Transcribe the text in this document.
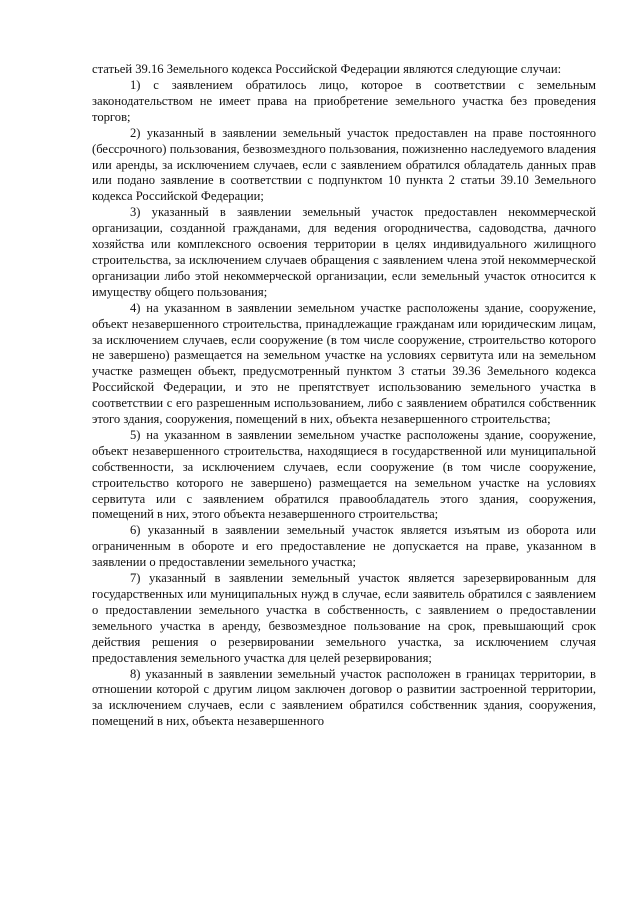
статьей 39.16 Земельного кодекса Российской Федерации являются следующие случаи:

1) с заявлением обратилось лицо, которое в соответствии с земельным законодательством не имеет права на приобретение земельного участка без проведения торгов;

2) указанный в заявлении земельный участок предоставлен на праве постоянного (бессрочного) пользования, безвозмездного пользования, пожизненно наследуемого владения или аренды, за исключением случаев, если с заявлением обратился обладатель данных прав или подано заявление в соответствии с подпунктом 10 пункта 2 статьи 39.10 Земельного кодекса Российской Федерации;

3) указанный в заявлении земельный участок предоставлен некоммерческой организации, созданной гражданами, для ведения огородничества, садоводства, дачного хозяйства или комплексного освоения территории в целях индивидуального жилищного строительства, за исключением случаев обращения с заявлением члена этой некоммерческой организации либо этой некоммерческой организации, если земельный участок относится к имуществу общего пользования;

4) на указанном в заявлении земельном участке расположены здание, сооружение, объект незавершенного строительства, принадлежащие гражданам или юридическим лицам, за исключением случаев, если сооружение (в том числе сооружение, строительство которого не завершено) размещается на земельном участке на условиях сервитута или на земельном участке размещен объект, предусмотренный пунктом 3 статьи 39.36 Земельного кодекса Российской Федерации, и это не препятствует использованию земельного участка в соответствии с его разрешенным использованием, либо с заявлением обратился собственник этого здания, сооружения, помещений в них, объекта незавершенного строительства;

5) на указанном в заявлении земельном участке расположены здание, сооружение, объект незавершенного строительства, находящиеся в государственной или муниципальной собственности, за исключением случаев, если сооружение (в том числе сооружение, строительство которого не завершено) размещается на земельном участке на условиях сервитута или с заявлением обратился правообладатель этого здания, сооружения, помещений в них, этого объекта незавершенного строительства;

6) указанный в заявлении земельный участок является изъятым из оборота или ограниченным в обороте и его предоставление не допускается на праве, указанном в заявлении о предоставлении земельного участка;

7) указанный в заявлении земельный участок является зарезервированным для государственных или муниципальных нужд в случае, если заявитель обратился с заявлением о предоставлении земельного участка в собственность, с заявлением о предоставлении земельного участка в аренду, безвозмездное пользование на срок, превышающий срок действия решения о резервировании земельного участка, за исключением случая предоставления земельного участка для целей резервирования;

8) указанный в заявлении земельный участок расположен в границах территории, в отношении которой с другим лицом заключен договор о развитии застроенной территории, за исключением случаев, если с заявлением обратился собственник здания, сооружения, помещений в них, объекта незавершенного
